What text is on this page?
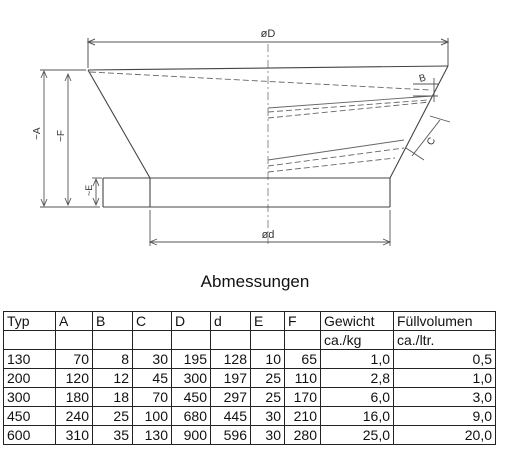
øD
B
C
~A ~F
~E
ød
Abmessungen
Typ	A	B	C	D	d	E	F	Gewicht	Füllvolumen
								ca./kg	ca./ltr.
130	70	8	30	195	128	10	65	1,0	0,5
200	120	12	45	300	197	25	110	2,8	1,0
300	180	18	70	450	297	25	170	6,0	3,0
450	240	25	100	680	445	30	210	16,0	9,0
600	310	35	130	900	596	30	280	25,0	20,0
